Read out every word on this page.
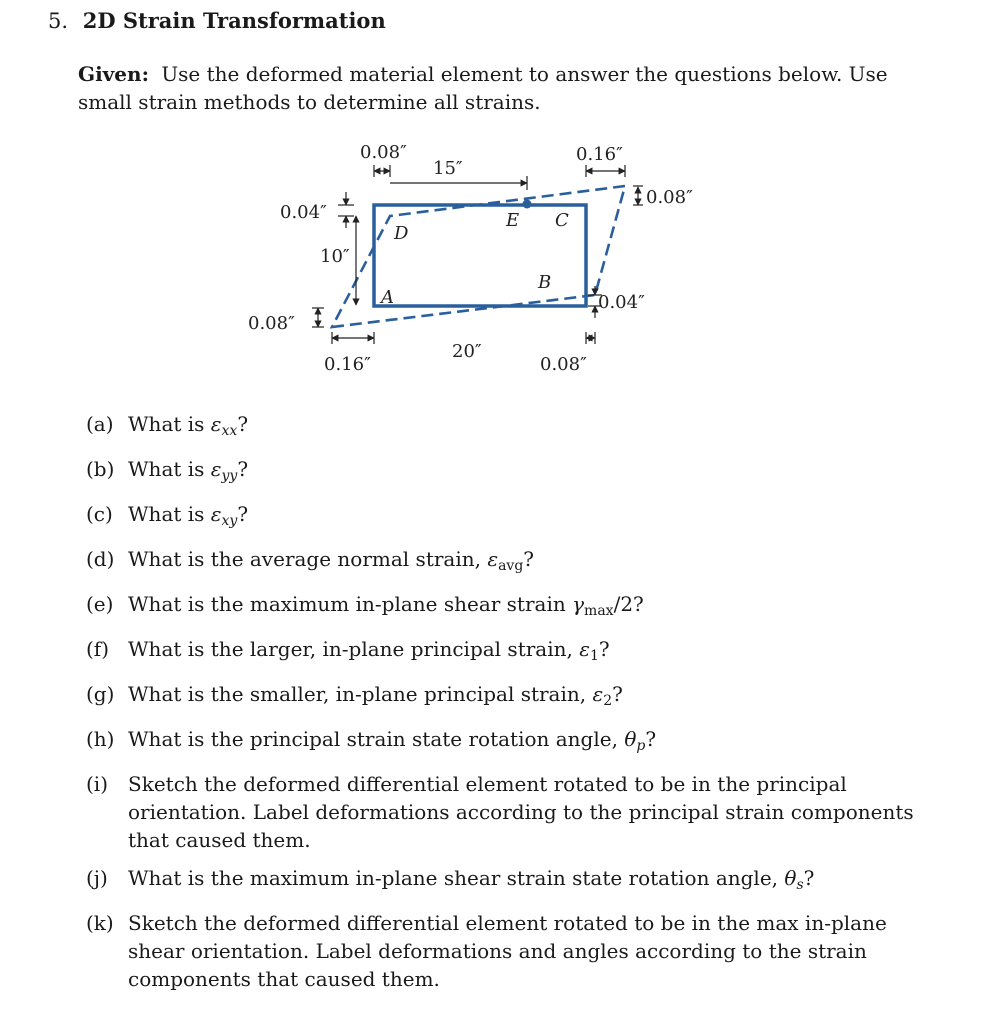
5. 2D Strain Transformation
Given: Use the deformed material element to answer the questions below. Use small strain methods to determine all strains.
D
E C
B
A
0.08″
15″
0.16″
0.08″
0.04″
10″
0.08″
0.04″
0.16″
20″
0.08″
(a) What is $\varepsilon_{xx}$?
(b) What is $\varepsilon_{yy}$?
(c) What is $\varepsilon_{xy}$?
(d) What is the average normal strain, $\varepsilon_{avg}$?
(e) What is the maximum in-plane shear strain $\gamma_{max}/2$?
(f) What is the larger, in-plane principal strain, $\varepsilon_1$?
(g) What is the smaller, in-plane principal strain, $\varepsilon_2$?
(h) What is the principal strain state rotation angle, $\theta_p$?
(i) Sketch the deformed differential element rotated to be in the principal orientation. Label deformations according to the principal strain components that caused them.
(j) What is the maximum in-plane shear strain state rotation angle, $\theta_s$?
(k) Sketch the deformed differential element rotated to be in the max in-plane shear orientation. Label deformations and angles according to the strain components that caused them.
